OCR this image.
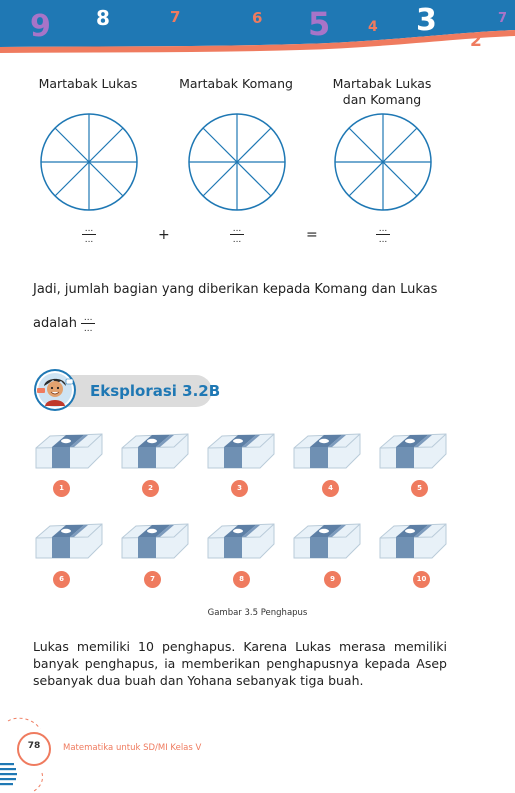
9 8	7	6 5	4 3
2
7
Martabak Lukas	Martabak Komang	Martabak Lukas dan Komang
...
...	+	...
...	=	...
...
Jadi, jumlah bagian yang diberikan kepada Komang dan Lukas
adalah $\frac{...}{...}$
Eksplorasi 3.2B
1	2	3	4	5
6	7	8	9	10
Gambar 3.5 Penghapus
Lukas memiliki 10 penghapus. Karena Lukas merasa memiliki banyak penghapus, ia memberikan penghapusnya kepada Asep sebanyak dua buah dan Yohana sebanyak tiga buah.
78	Matematika untuk SD/MI Kelas V
